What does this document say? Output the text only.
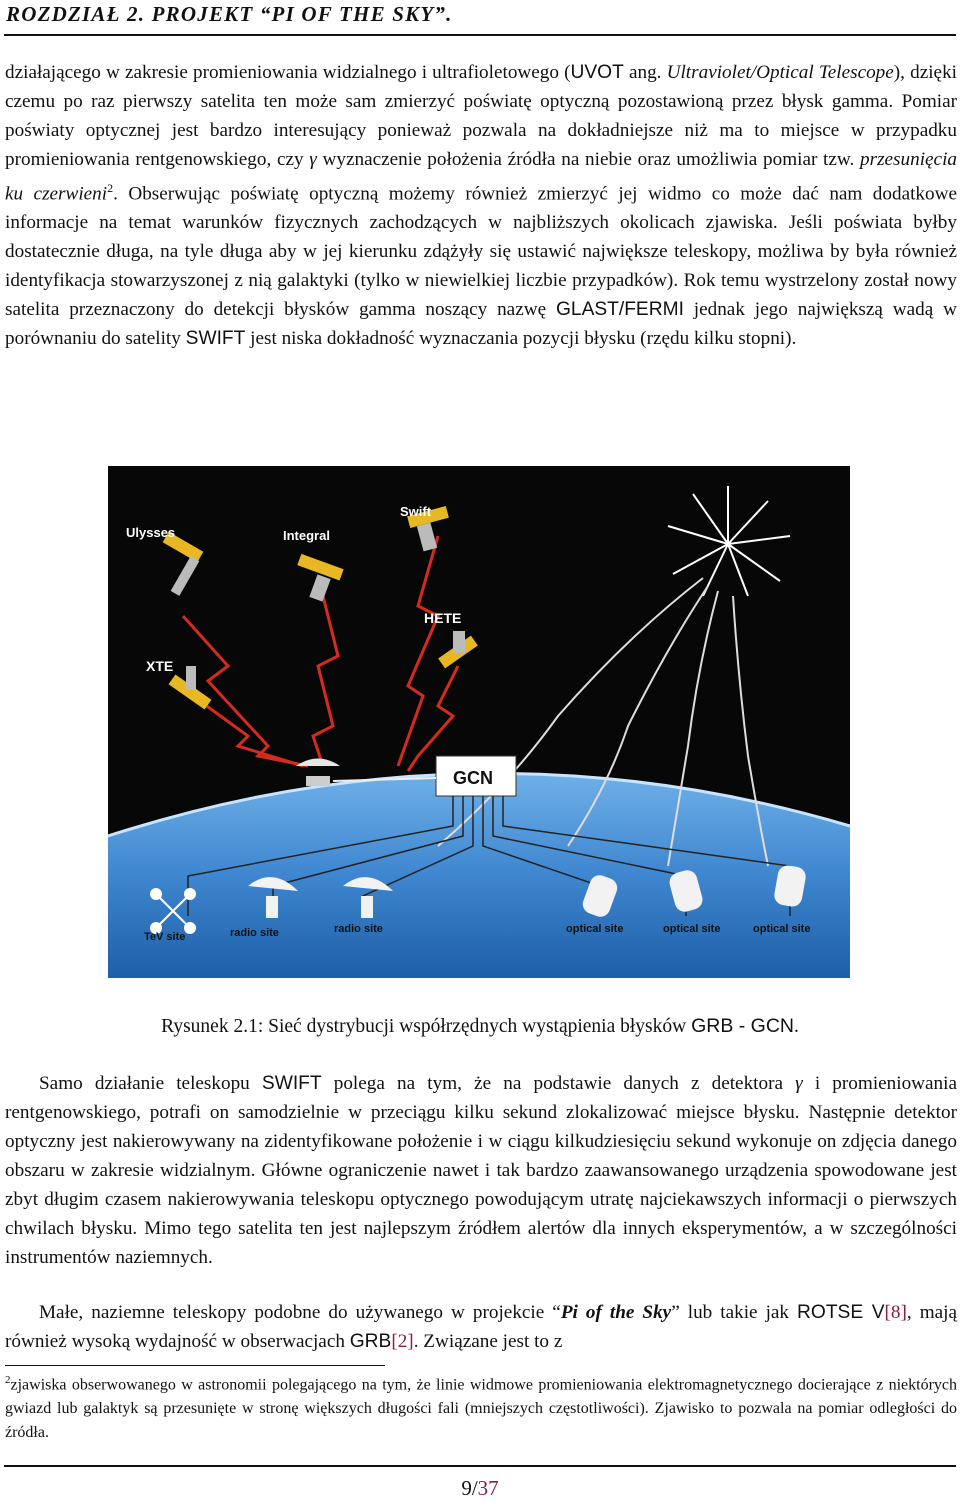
ROZDZIAŁ 2. PROJEKT “PI OF THE SKY”.
działającego w zakresie promieniowania widzialnego i ultrafioletowego (UVOT ang. Ultraviolet/Optical Telescope), dzięki czemu po raz pierwszy satelita ten może sam zmierzyć poświatę optyczną pozostawioną przez błysk gamma. Pomiar poświaty optycznej jest bardzo interesujący ponieważ pozwala na dokładniejsze niż ma to miejsce w przypadku promieniowania rentgenowskiego, czy γ wyznaczenie położenia źródła na niebie oraz umożliwia pomiar tzw. przesunięcia ku czerwieni$^2$. Obserwując poświatę optyczną możemy również zmierzyć jej widmo co może dać nam dodatkowe informacje na temat warunków fizycznych zachodzących w najbliższych okolicach zjawiska. Jeśli poświata byłby dostatecznie długa, na tyle długa aby w jej kierunku zdążyły się ustawić największe teleskopy, możliwa by była również identyfikacja stowarzyszonej z nią galaktyki (tylko w niewielkiej liczbie przypadków). Rok temu wystrzelony został nowy satelita przeznaczony do detekcji błysków gamma noszący nazwę GLAST/FERMI jednak jego największą wadą w porównaniu do satelity SWIFT jest niska dokładność wyznaczania pozycji błysku (rzędu kilku stopni).
Ulysses	Integral
Swift
HETE
XTE
GCN
TeV site	radio site	radio site	optical site	optical site	optical site
Rysunek 2.1: Sieć dystrybucji współrzędnych wystąpienia błysków GRB - GCN.
Samo działanie teleskopu SWIFT polega na tym, że na podstawie danych z detektora γ i promieniowania rentgenowskiego, potrafi on samodzielnie w przeciągu kilku sekund zlokalizować miejsce błysku. Następnie detektor optyczny jest nakierowywany na zidentyfikowane położenie i w ciągu kilkudziesięciu sekund wykonuje on zdjęcia danego obszaru w zakresie widzialnym. Główne ograniczenie nawet i tak bardzo zaawansowanego urządzenia spowodowane jest zbyt długim czasem nakierowywania teleskopu optycznego powodującym utratę najciekawszych informacji o pierwszych chwilach błysku. Mimo tego satelita ten jest najlepszym źródłem alertów dla innych eksperymentów, a w szczególności instrumentów naziemnych.
Małe, naziemne teleskopy podobne do używanego w projekcie “Pi of the Sky” lub takie jak ROTSE V[8], mają również wysoką wydajność w obserwacjach GRB[2]. Związane jest to z
$^2$zjawiska obserwowanego w astronomii polegającego na tym, że linie widmowe promieniowania elektromagnetycznego docierające z niektórych gwiazd lub galaktyk są przesunięte w stronę większych długości fali (mniejszych częstotliwości). Zjawisko to pozwala na pomiar odległości do źródła.
9/37
